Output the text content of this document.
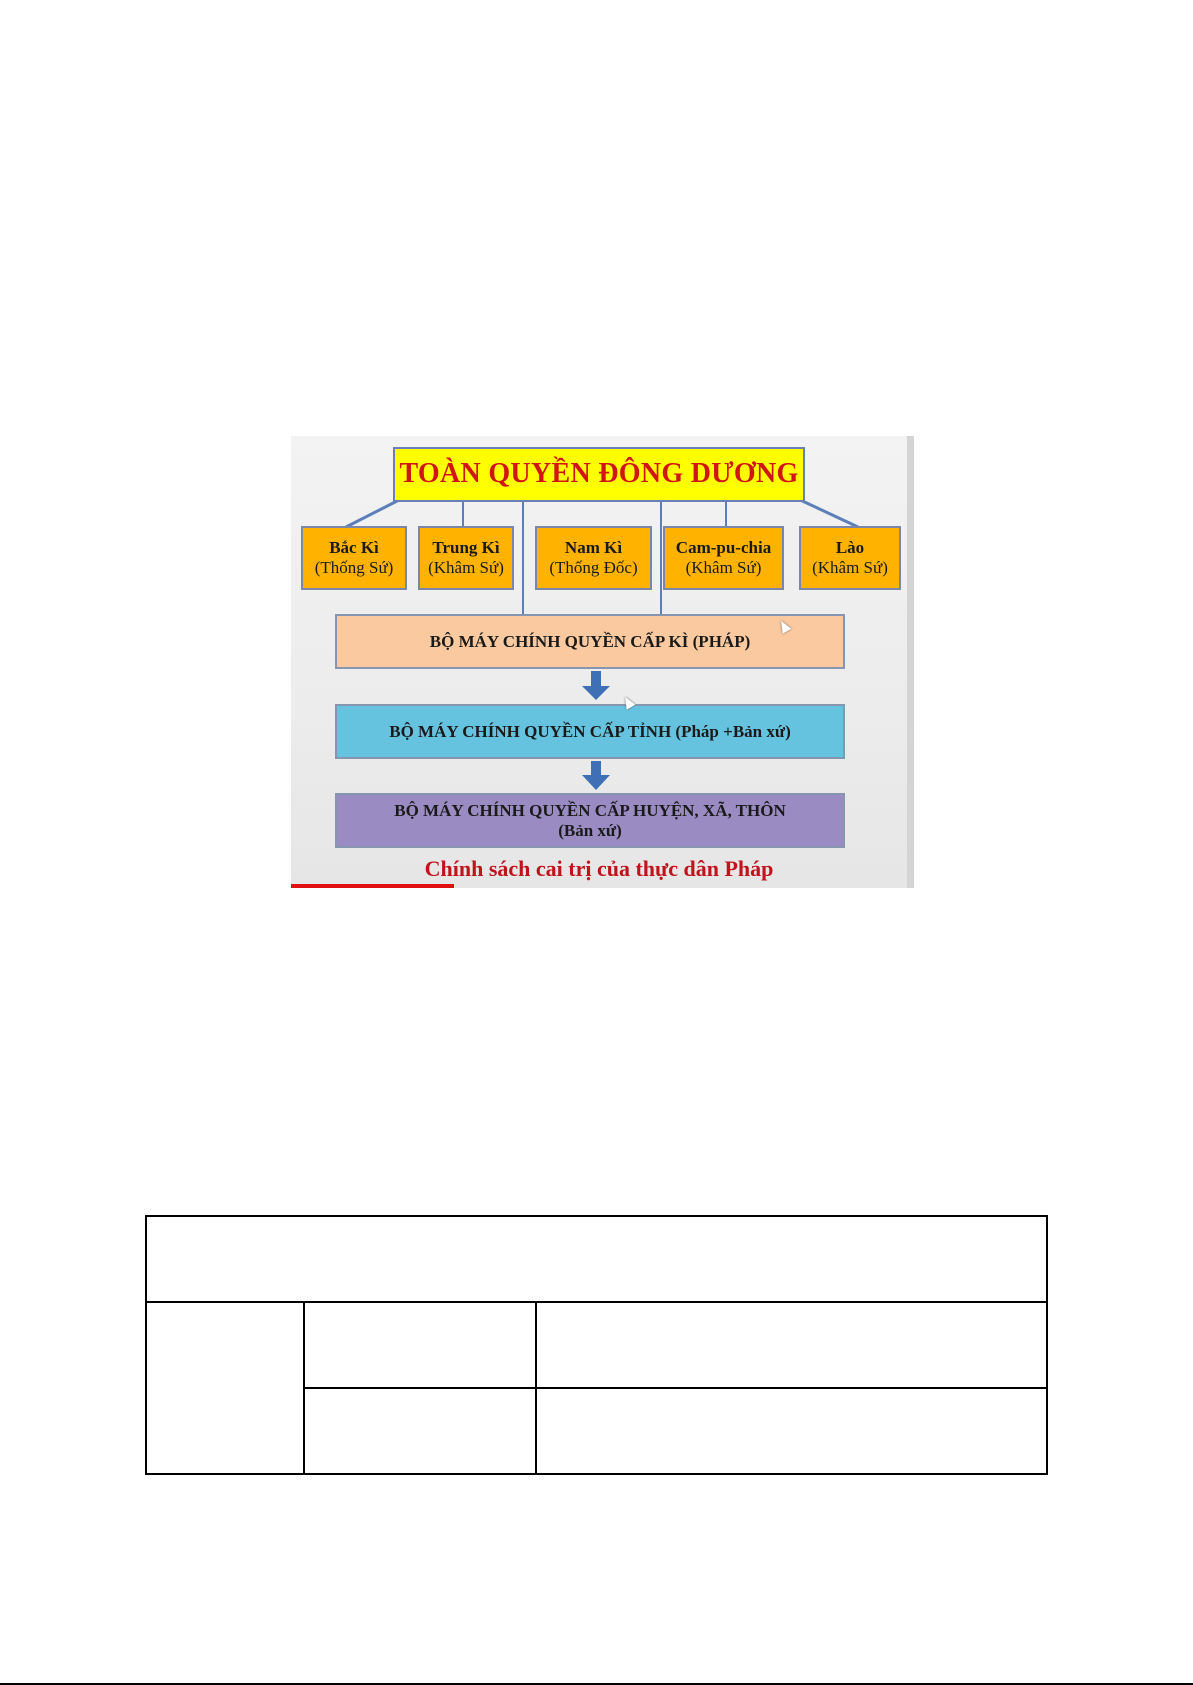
TOÀN QUYỀN ĐÔNG DƯƠNG
Bắc Kì
(Thống Sứ)
Trung Kì
(Khâm Sứ)
Nam Kì
(Thống Đốc)
Cam-pu-chia
(Khâm Sứ)
Lào
(Khâm Sứ)
BỘ MÁY CHÍNH QUYỀN CẤP KÌ (PHÁP)
BỘ MÁY CHÍNH QUYỀN CẤP TỈNH (Pháp +Bản xứ)
BỘ MÁY CHÍNH QUYỀN CẤP HUYỆN, XÃ, THÔN
(Bản xứ)
Chính sách cai trị của thực dân Pháp
